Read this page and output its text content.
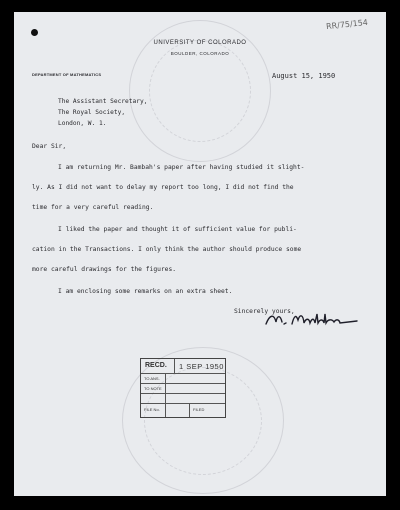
RR/75/154
UNIVERSITY OF COLORADO
BOULDER, COLORADO
DEPARTMENT OF MATHEMATICS	August 15, 1950
The Assistant Secretary,
The Royal Society,
London, W. 1.
Dear Sir,
I am returning Mr. Bambah's paper after having studied it slight-
ly. As I did not want to delay my report too long, I did not find the
time for a very careful reading.
I liked the paper and thought it of sufficient value for publi-
cation in the Transactions. I only think the author should produce some
more careful drawings for the figures.
I am enclosing some remarks on an extra sheet.
Sincerely yours,
RECD. 1 SEP 1950
TO ANS.
TO NOTE
FILE No.	FILED
